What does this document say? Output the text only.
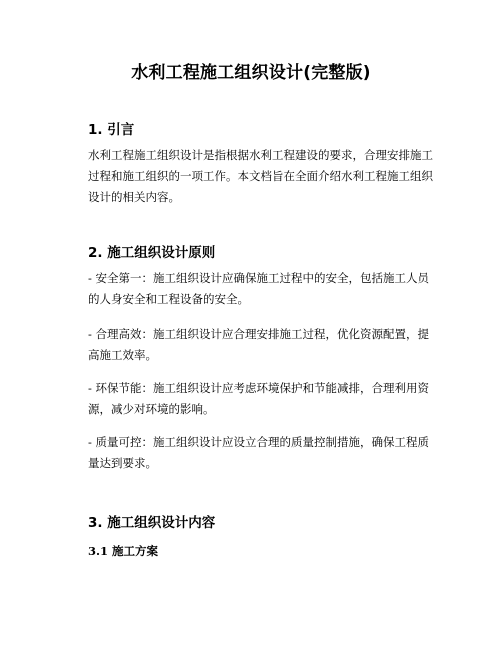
水利工程施工组织设计(完整版)
1. 引言

水利工程施工组织设计是指根据水利工程建设的要求，合理安排施工过程和施工组织的一项工作。本文档旨在全面介绍水利工程施工组织设计的相关内容。

2. 施工组织设计原则

- 安全第一：施工组织设计应确保施工过程中的安全，包括施工人员的人身安全和工程设备的安全。

- 合理高效：施工组织设计应合理安排施工过程，优化资源配置，提高施工效率。

- 环保节能：施工组织设计应考虑环境保护和节能减排，合理利用资源，减少对环境的影响。

- 质量可控：施工组织设计应设立合理的质量控制措施，确保工程质量达到要求。

3. 施工组织设计内容
3.1 施工方案
